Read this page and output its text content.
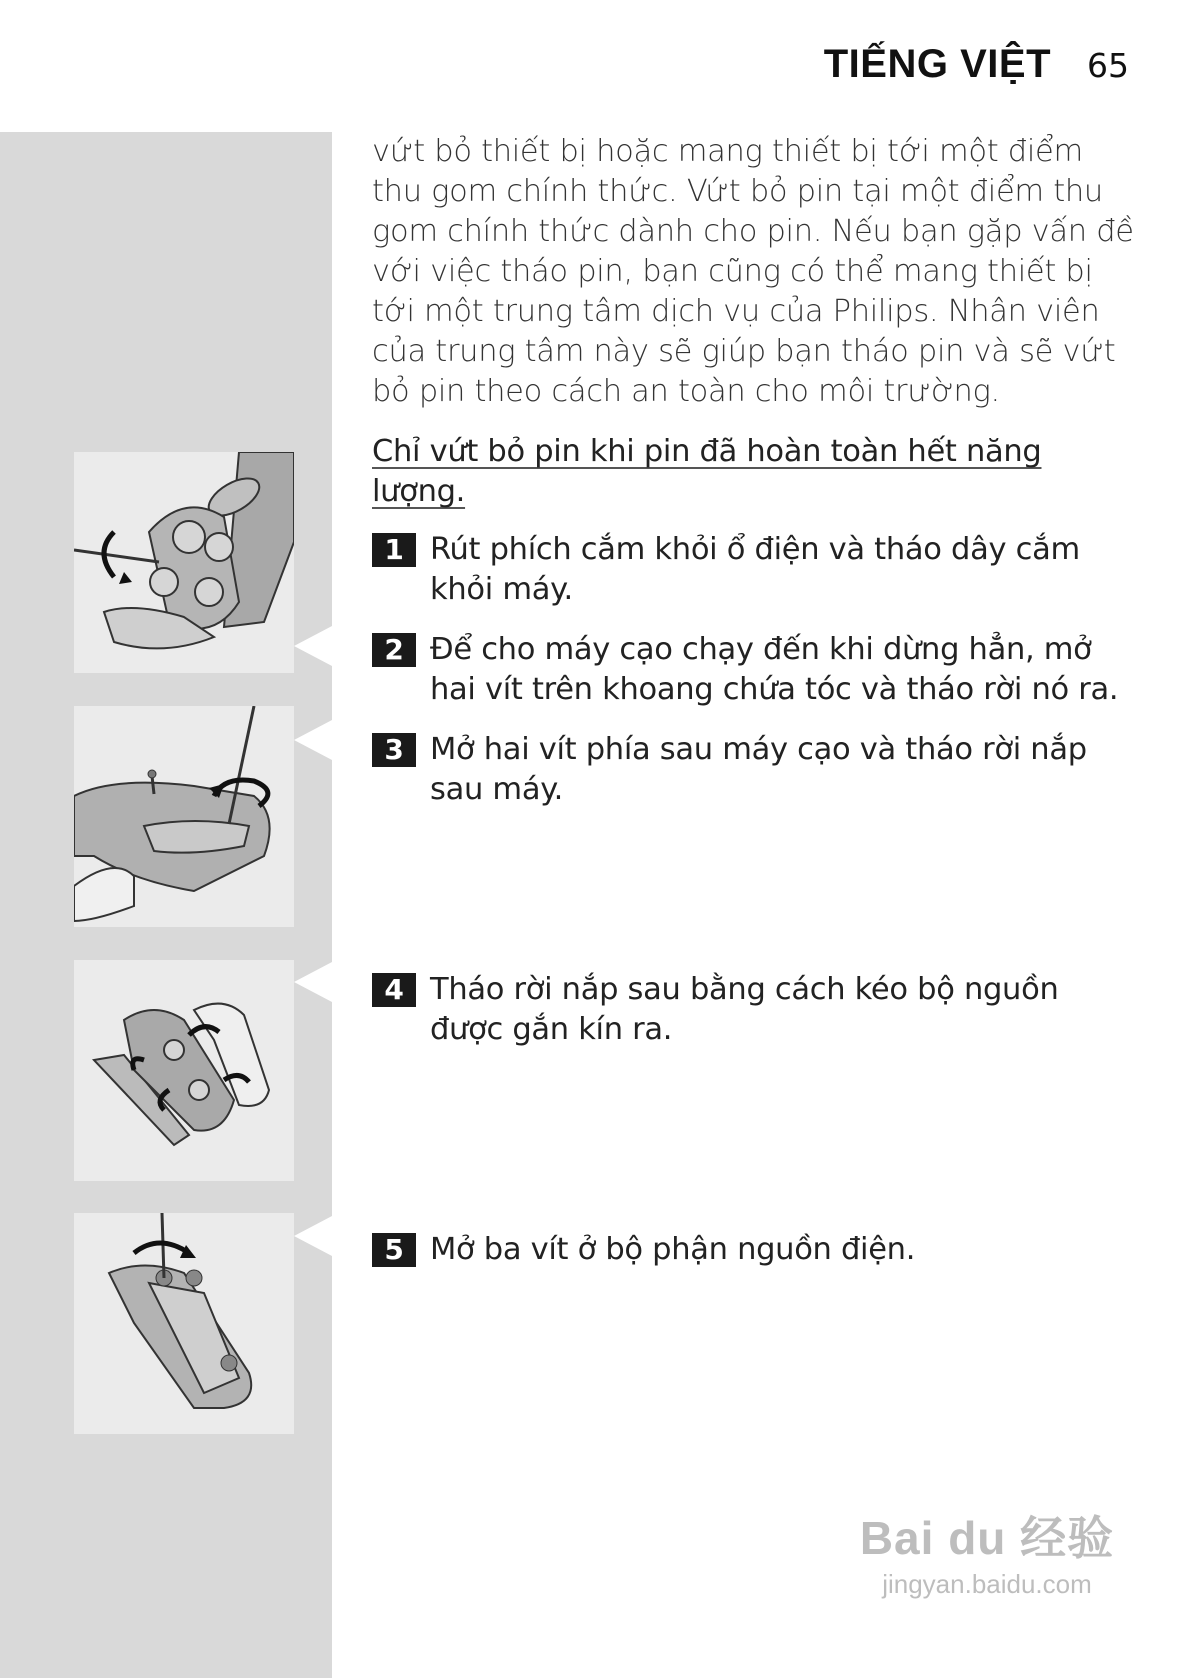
TIẾNG VIỆT 65
vứt bỏ thiết bị hoặc mang thiết bị tới một điểm thu gom chính thức. Vứt bỏ pin tại một điểm thu gom chính thức dành cho pin. Nếu bạn gặp vấn đề với việc tháo pin, bạn cũng có thể mang thiết bị tới một trung tâm dịch vụ của Philips. Nhân viên của trung tâm này sẽ giúp bạn tháo pin và sẽ vứt bỏ pin theo cách an toàn cho môi trường.
Chỉ vứt bỏ pin khi pin đã hoàn toàn hết năng lượng.
1 Rút phích cắm khỏi ổ điện và tháo dây cắm khỏi máy.
2 Để cho máy cạo chạy đến khi dừng hẳn, mở hai vít trên khoang chứa tóc và tháo rời nó ra.
3 Mở hai vít phía sau máy cạo và tháo rời nắp sau máy.
4 Tháo rời nắp sau bằng cách kéo bộ nguồn được gắn kín ra.
5 Mở ba vít ở bộ phận nguồn điện.
Bai du 经验
jingyan.baidu.com
